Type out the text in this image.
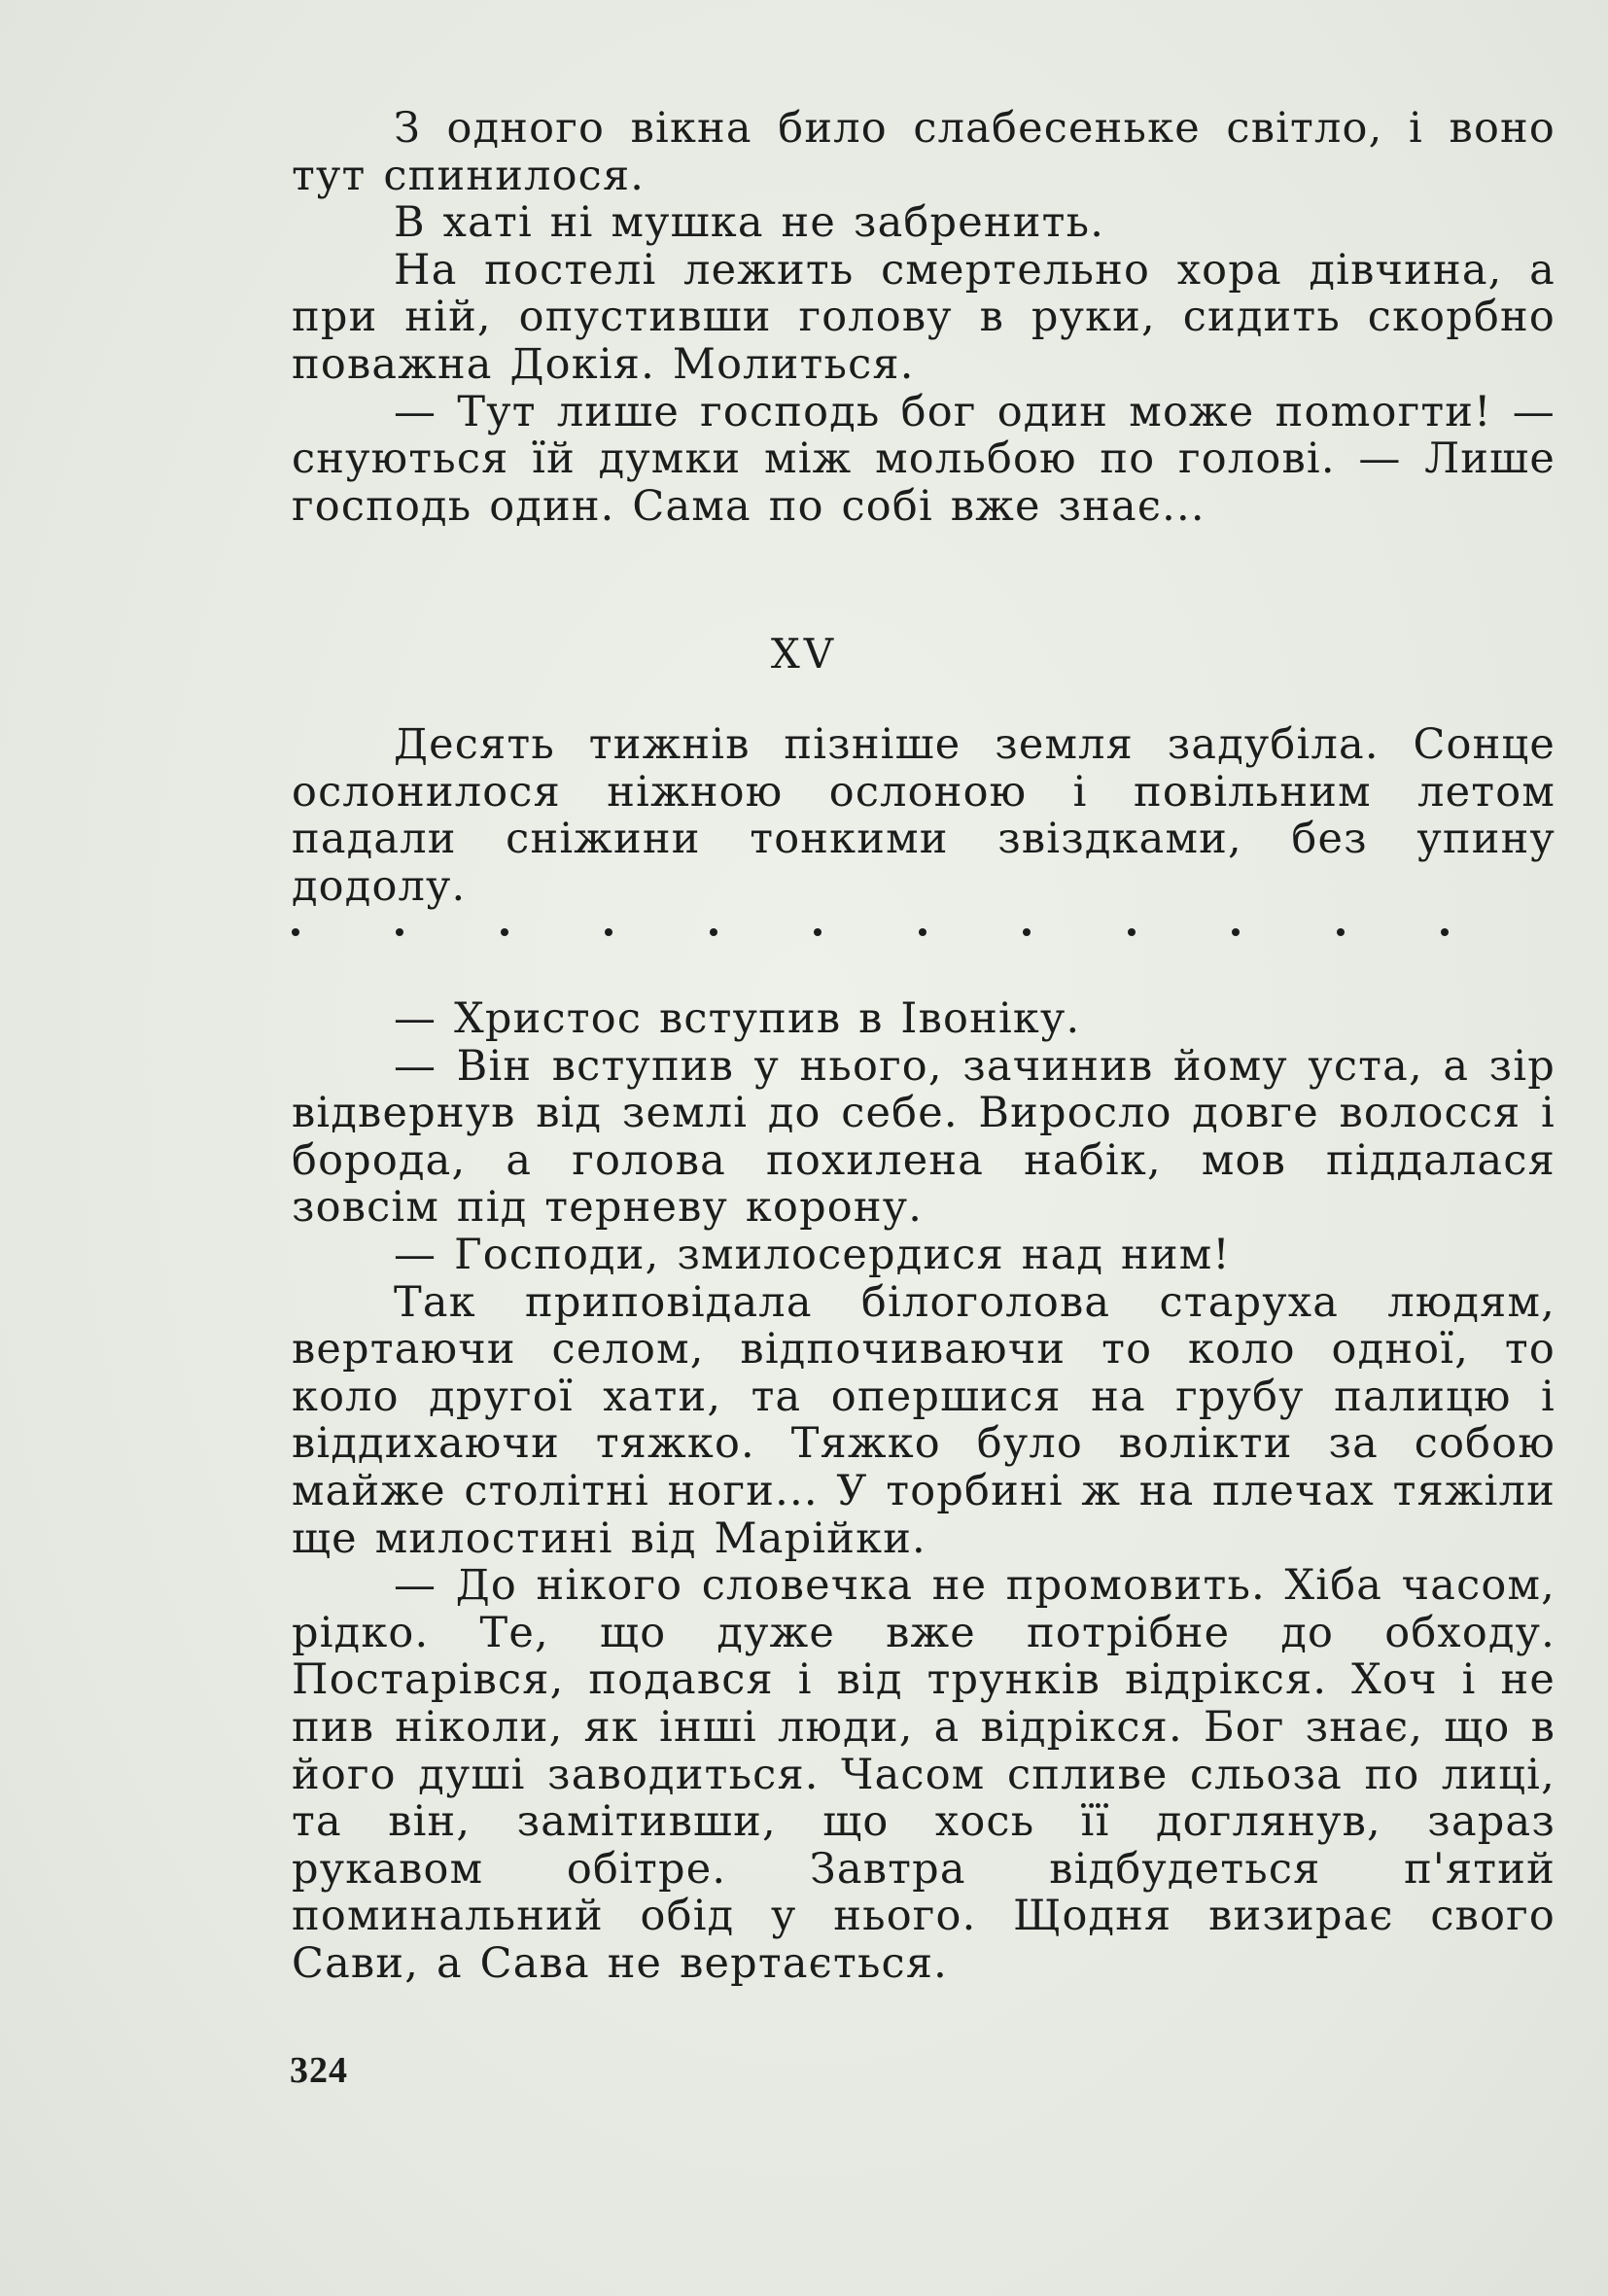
З одного вікна било слабесеньке світло, і воно тут спинилося.

В хаті ні мушка не забренить.

На постелі лежить смертельно хора дівчина, а при ній, опустивши голову в руки, сидить скорбно поважна Докія. Молиться.

— Тут лише господь бог один може поmогти! — снуються їй думки між мольбою по голові. — Лише господь один. Сама по собі вже знає...

XV

Десять тижнів пізніше земля задубіла. Сонце ослонилося ніжною ослоною і повільним летом падали сніжини тонкими звіздками, без упину додолу.

— Христос вступив в Івоніку.

— Він вступив у нього, зачинив йому уста, а зір відвернув від землі до себе. Виросло довге волосся і борода, а голова похилена набік, мов піддалася зовсім під терневу корону.

— Господи, змилосердися над ним!

Так приповідала білоголова старуха людям, вертаючи селом, відпочиваючи то коло одної, то коло другої хати, та опершися на грубу палицю і віддихаючи тяжко. Тяжко було волікти за собою майже столітні ноги... У торбині ж на плечах тяжіли ще милостині від Марійки.

— До нікого словечка не промовить. Хіба часом, рідко. Те, що дуже вже потрібне до обходу. Постарівся, подався і від трунків відрікся. Хоч і не пив ніколи, як інші люди, а відрікся. Бог знає, що в його душі заводиться. Часом спливе сльоза по лиці, та він, замітивши, що хось її доглянув, зараз рукавом обітре. Завтра відбудеться п'ятий поминальний обід у нього. Щодня визирає свого Сави, а Сава не вертається.

324
